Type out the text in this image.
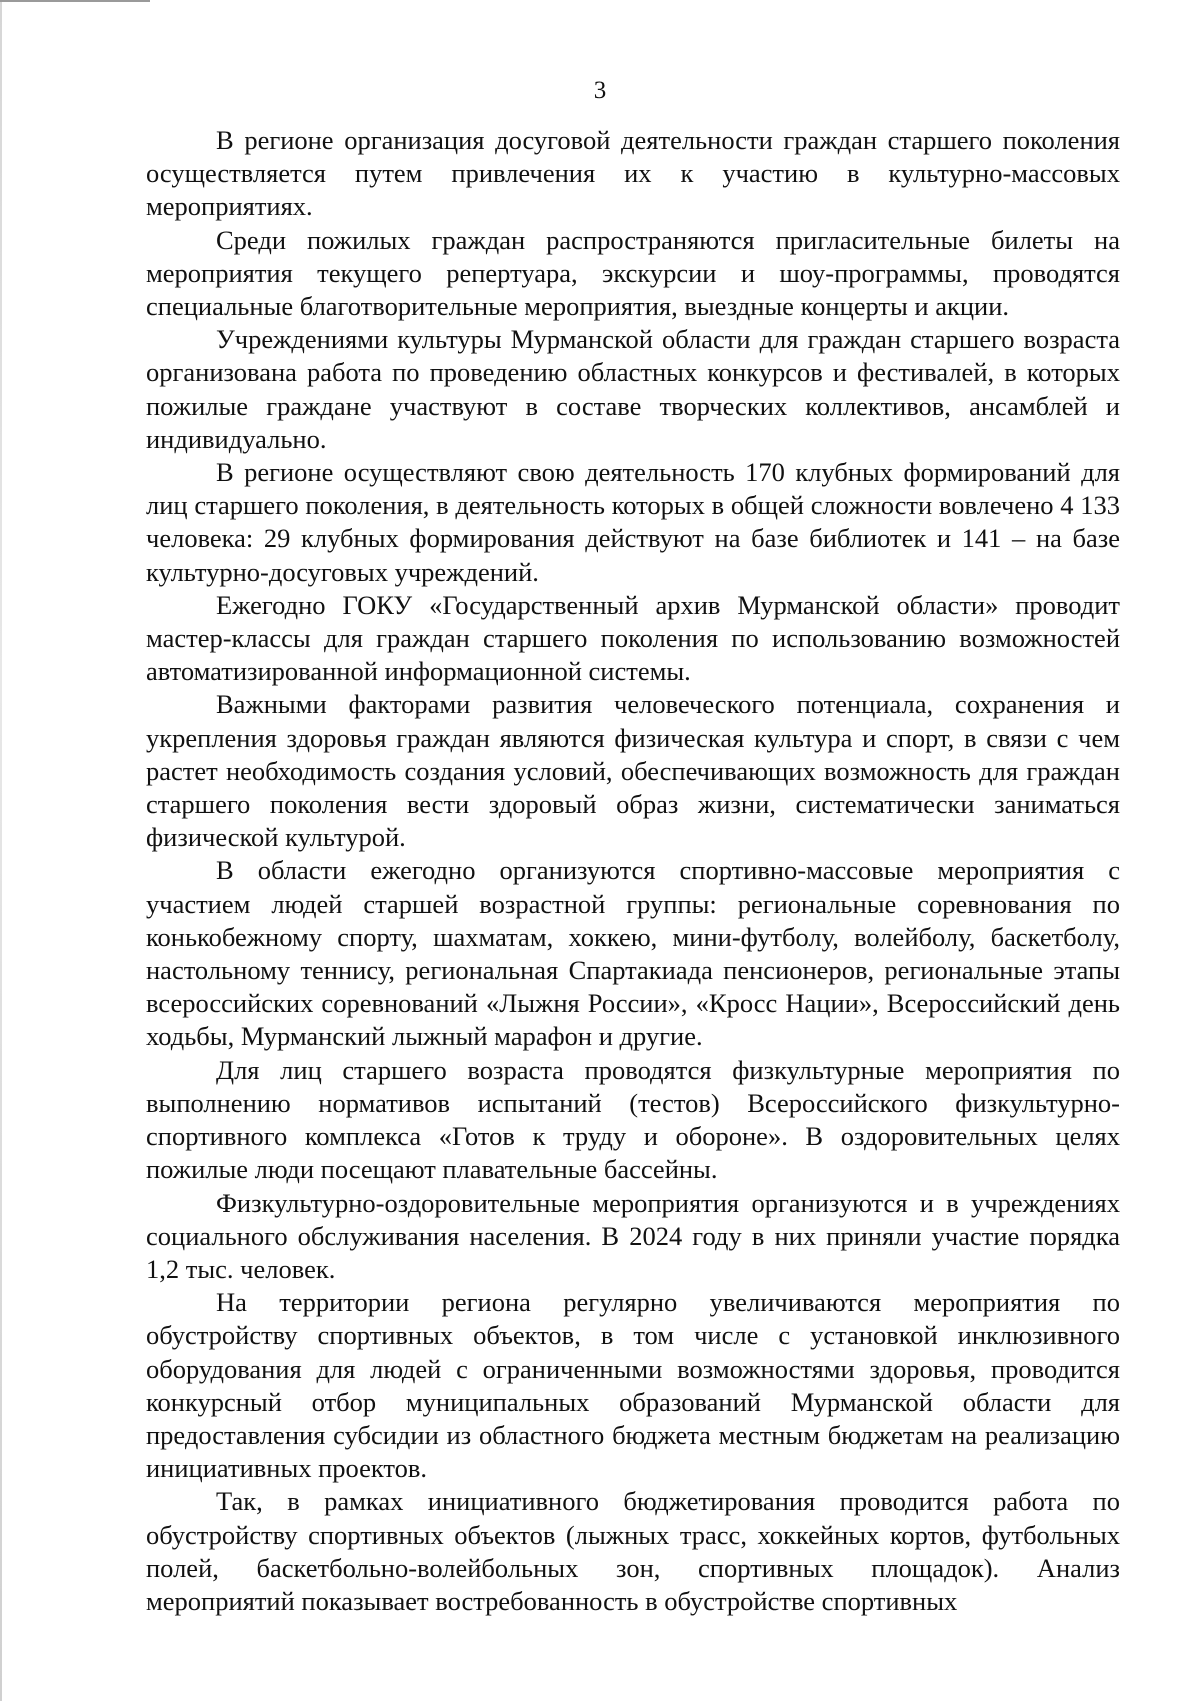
3

В регионе организация досуговой деятельности граждан старшего поколения осуществляется путем привлечения их к участию в культурно-массовых мероприятиях.

Среди пожилых граждан распространяются пригласительные билеты на мероприятия текущего репертуара, экскурсии и шоу-программы, проводятся специальные благотворительные мероприятия, выездные концерты и акции.

Учреждениями культуры Мурманской области для граждан старшего возраста организована работа по проведению областных конкурсов и фестивалей, в которых пожилые граждане участвуют в составе творческих коллективов, ансамблей и индивидуально.

В регионе осуществляют свою деятельность 170 клубных формирований для лиц старшего поколения, в деятельность которых в общей сложности вовлечено 4 133 человека: 29 клубных формирования действуют на базе библиотек и 141 – на базе культурно-досуговых учреждений.

Ежегодно ГОКУ «Государственный архив Мурманской области» проводит мастер-классы для граждан старшего поколения по использованию возможностей автоматизированной информационной системы.

Важными факторами развития человеческого потенциала, сохранения и укрепления здоровья граждан являются физическая культура и спорт, в связи с чем растет необходимость создания условий, обеспечивающих возможность для граждан старшего поколения вести здоровый образ жизни, систематически заниматься физической культурой.

В области ежегодно организуются спортивно-массовые мероприятия с участием людей старшей возрастной группы: региональные соревнования по конькобежному спорту, шахматам, хоккею, мини-футболу, волейболу, баскетболу, настольному теннису, региональная Спартакиада пенсионеров, региональные этапы всероссийских соревнований «Лыжня России», «Кросс Нации», Всероссийский день ходьбы, Мурманский лыжный марафон и другие.

Для лиц старшего возраста проводятся физкультурные мероприятия по выполнению нормативов испытаний (тестов) Всероссийского физкультурно-спортивного комплекса «Готов к труду и обороне». В оздоровительных целях пожилые люди посещают плавательные бассейны.

Физкультурно-оздоровительные мероприятия организуются и в учреждениях социального обслуживания населения. В 2024 году в них приняли участие порядка 1,2 тыс. человек.

На территории региона регулярно увеличиваются мероприятия по обустройству спортивных объектов, в том числе с установкой инклюзивного оборудования для людей с ограниченными возможностями здоровья, проводится конкурсный отбор муниципальных образований Мурманской области для предоставления субсидии из областного бюджета местным бюджетам на реализацию инициативных проектов.

Так, в рамках инициативного бюджетирования проводится работа по обустройству спортивных объектов (лыжных трасс, хоккейных кортов, футбольных полей, баскетбольно-волейбольных зон, спортивных площадок). Анализ мероприятий показывает востребованность в обустройстве спортивных
